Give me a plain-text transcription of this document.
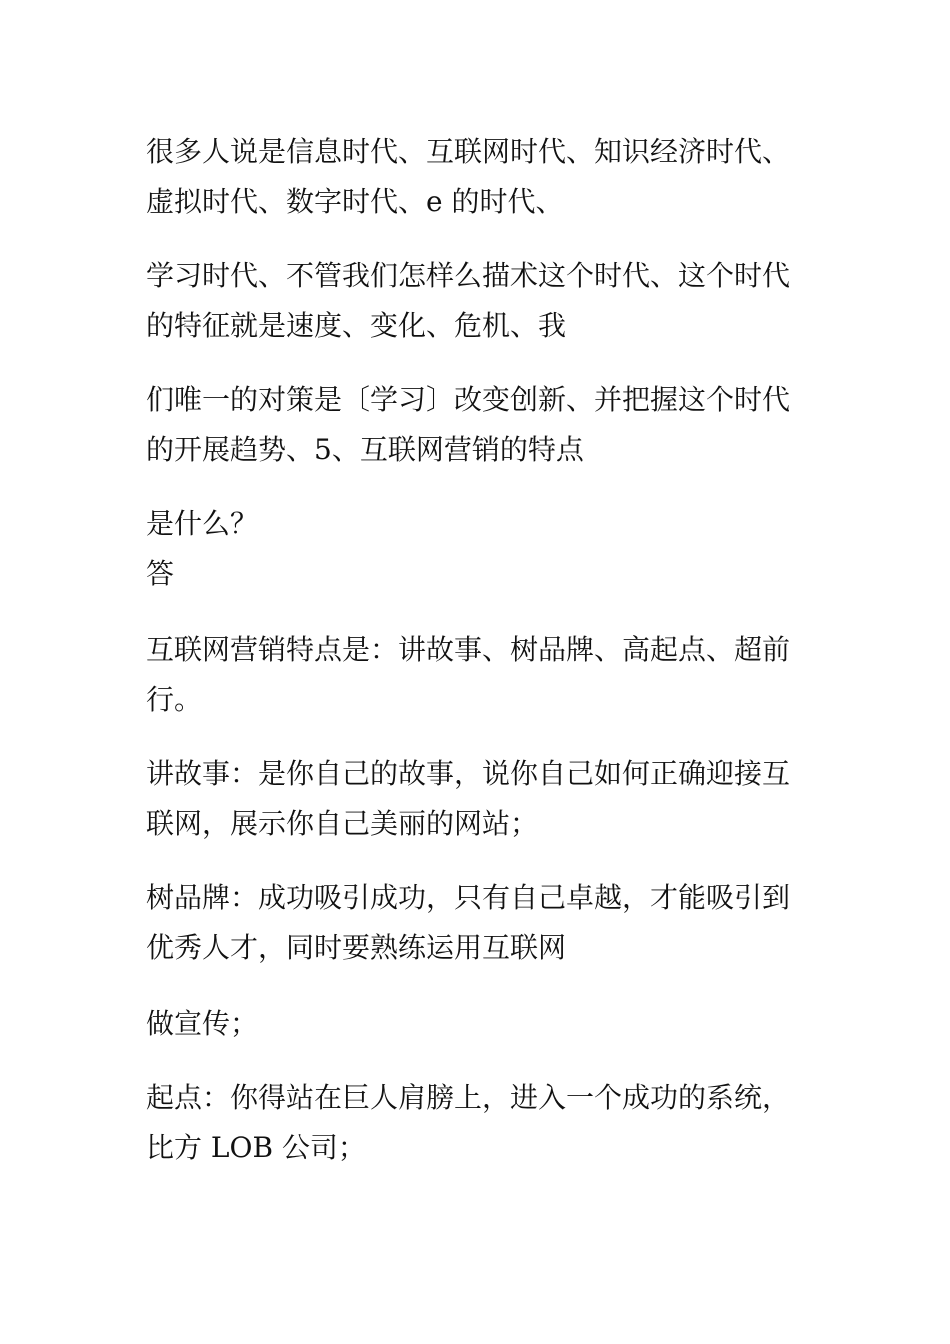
很多人说是信息时代、互联网时代、知识经济时代、

虚拟时代、数字时代、e 的时代、

学习时代、不管我们怎样么描术这个时代、这个时代

的特征就是速度、变化、危机、我

们唯一的对策是〔学习〕改变创新、并把握这个时代

的开展趋势、5、互联网营销的特点

是什么？

答

互联网营销特点是：讲故事、树品牌、高起点、超前

行。

讲故事：是你自己的故事，说你自己如何正确迎接互

联网，展示你自己美丽的网站；

树品牌：成功吸引成功，只有自己卓越，才能吸引到

优秀人才，同时要熟练运用互联网

做宣传；

起点：你得站在巨人肩膀上，进入一个成功的系统，

比方 LOB 公司；
